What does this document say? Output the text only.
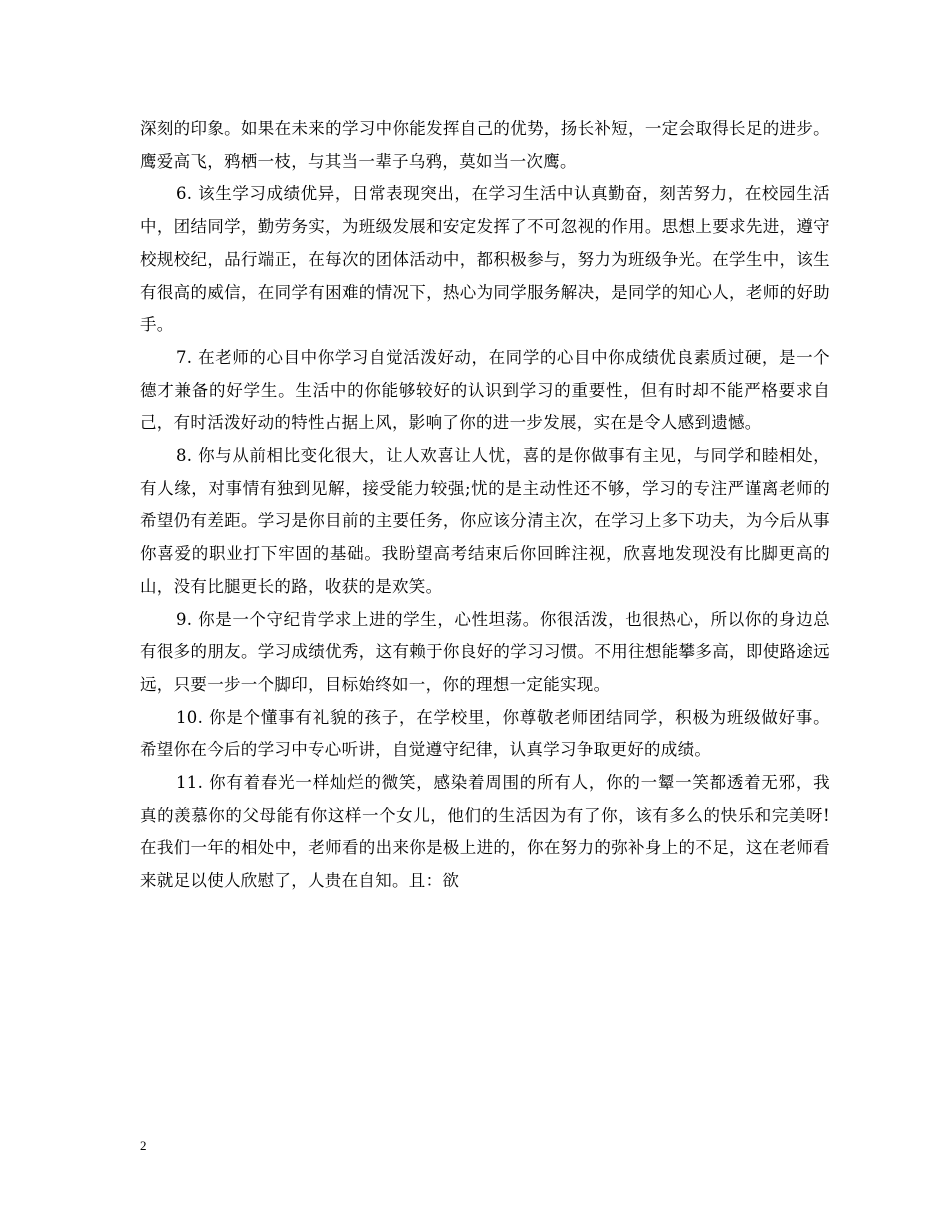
深刻的印象。如果在未来的学习中你能发挥自己的优势，扬长补短，一定会取得长足的进步。鹰爱高飞，鸦栖一枝，与其当一辈子乌鸦，莫如当一次鹰。

6. 该生学习成绩优异，日常表现突出，在学习生活中认真勤奋，刻苦努力，在校园生活中，团结同学，勤劳务实，为班级发展和安定发挥了不可忽视的作用。思想上要求先进，遵守校规校纪，品行端正，在每次的团体活动中，都积极参与，努力为班级争光。在学生中，该生有很高的威信，在同学有困难的情况下，热心为同学服务解决，是同学的知心人，老师的好助手。

7. 在老师的心目中你学习自觉活泼好动，在同学的心目中你成绩优良素质过硬，是一个德才兼备的好学生。生活中的你能够较好的认识到学习的重要性，但有时却不能严格要求自己，有时活泼好动的特性占据上风，影响了你的进一步发展，实在是令人感到遗憾。

8. 你与从前相比变化很大，让人欢喜让人忧，喜的是你做事有主见，与同学和睦相处，有人缘，对事情有独到见解，接受能力较强;忧的是主动性还不够，学习的专注严谨离老师的希望仍有差距。学习是你目前的主要任务，你应该分清主次，在学习上多下功夫，为今后从事你喜爱的职业打下牢固的基础。我盼望高考结束后你回眸注视，欣喜地发现没有比脚更高的山，没有比腿更长的路，收获的是欢笑。

9. 你是一个守纪肯学求上进的学生，心性坦荡。你很活泼，也很热心，所以你的身边总有很多的朋友。学习成绩优秀，这有赖于你良好的学习习惯。不用往想能攀多高，即使路途远远，只要一步一个脚印，目标始终如一，你的理想一定能实现。

10. 你是个懂事有礼貌的孩子，在学校里，你尊敬老师团结同学，积极为班级做好事。希望你在今后的学习中专心听讲，自觉遵守纪律，认真学习争取更好的成绩。

11. 你有着春光一样灿烂的微笑，感染着周围的所有人，你的一颦一笑都透着无邪，我真的羡慕你的父母能有你这样一个女儿，他们的生活因为有了你，该有多么的快乐和完美呀!在我们一年的相处中，老师看的出来你是极上进的，你在努力的弥补身上的不足，这在老师看来就足以使人欣慰了，人贵在自知。且：欲

2
